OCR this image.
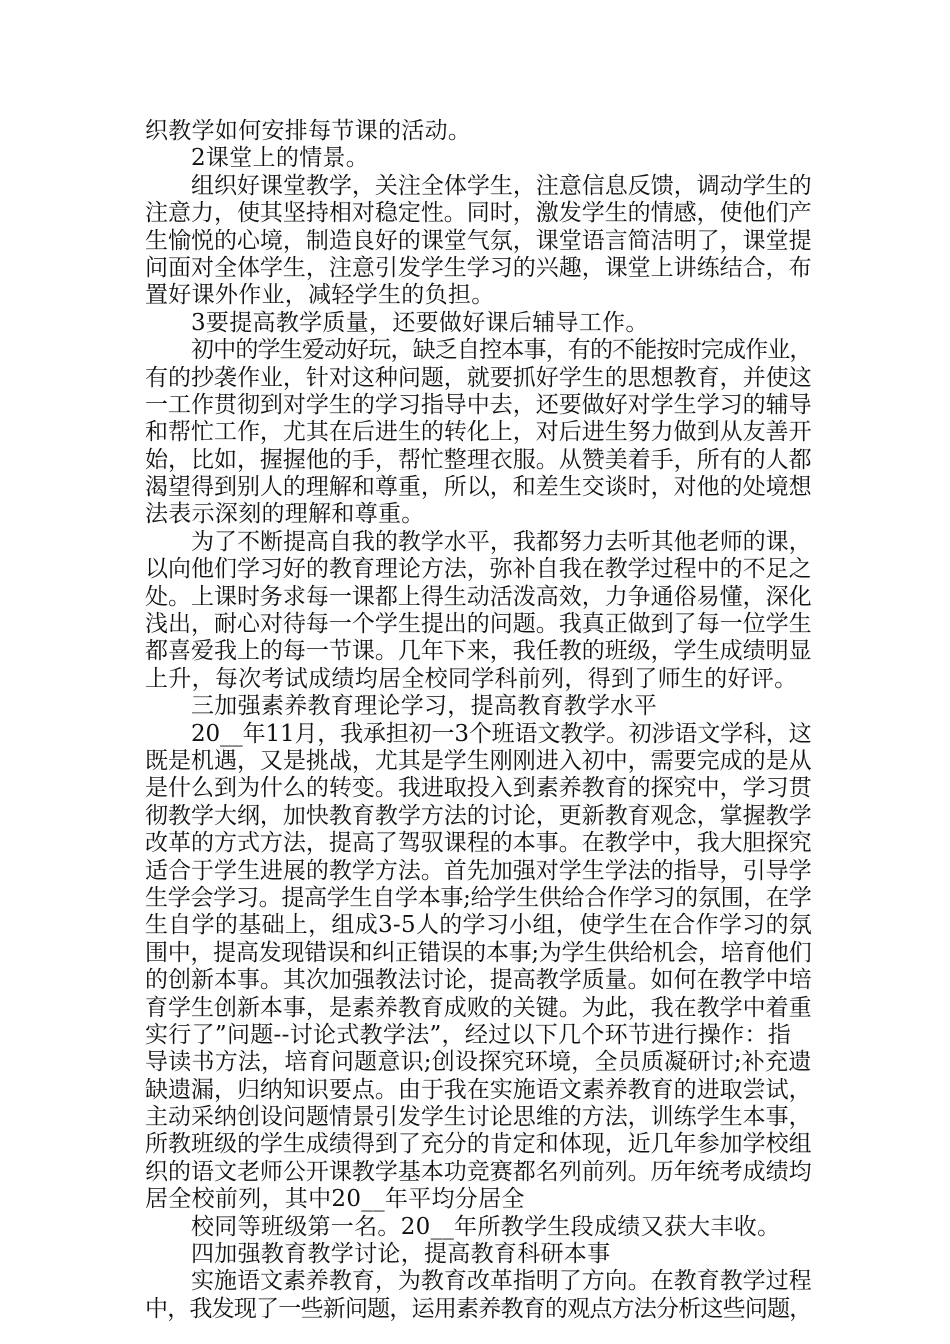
织教学如何安排每节课的活动。
2课堂上的情景。
组织好课堂教学，关注全体学生，注意信息反馈，调动学生的
注意力，使其坚持相对稳定性。同时，激发学生的情感，使他们产
生愉悦的心境，制造良好的课堂气氛，课堂语言简洁明了，课堂提
问面对全体学生，注意引发学生学习的兴趣，课堂上讲练结合，布
置好课外作业，减轻学生的负担。
3要提高教学质量，还要做好课后辅导工作。
初中的学生爱动好玩，缺乏自控本事，有的不能按时完成作业，
有的抄袭作业，针对这种问题，就要抓好学生的思想教育，并使这
一工作贯彻到对学生的学习指导中去，还要做好对学生学习的辅导
和帮忙工作，尤其在后进生的转化上，对后进生努力做到从友善开
始，比如，握握他的手，帮忙整理衣服。从赞美着手，所有的人都
渴望得到别人的理解和尊重，所以，和差生交谈时，对他的处境想
法表示深刻的理解和尊重。
为了不断提高自我的教学水平，我都努力去听其他老师的课，
以向他们学习好的教育理论方法，弥补自我在教学过程中的不足之
处。上课时务求每一课都上得生动活泼高效，力争通俗易懂，深化
浅出，耐心对待每一个学生提出的问题。我真正做到了每一位学生
都喜爱我上的每一节课。几年下来，我任教的班级，学生成绩明显
上升，每次考试成绩均居全校同学科前列，得到了师生的好评。
三加强素养教育理论学习，提高教育教学水平
20__年11月，我承担初一3个班语文教学。初涉语文学科，这
既是机遇，又是挑战，尤其是学生刚刚进入初中，需要完成的是从
是什么到为什么的转变。我进取投入到素养教育的探究中，学习贯
彻教学大纲，加快教育教学方法的讨论，更新教育观念，掌握教学
改革的方式方法，提高了驾驭课程的本事。在教学中，我大胆探究
适合于学生进展的教学方法。首先加强对学生学法的指导，引导学
生学会学习。提高学生自学本事;给学生供给合作学习的氛围，在学
生自学的基础上，组成3-5人的学习小组，使学生在合作学习的氛
围中，提高发现错误和纠正错误的本事;为学生供给机会，培育他们
的创新本事。其次加强教法讨论，提高教学质量。如何在教学中培
育学生创新本事，是素养教育成败的关键。为此，我在教学中着重
实行了”问题--讨论式教学法”，经过以下几个环节进行操作：指
导读书方法，培育问题意识;创设探究环境，全员质凝研讨;补充遗
缺遗漏，归纳知识要点。由于我在实施语文素养教育的进取尝试，
主动采纳创设问题情景引发学生讨论思维的方法，训练学生本事，
所教班级的学生成绩得到了充分的肯定和体现，近几年参加学校组
织的语文老师公开课教学基本功竞赛都名列前列。历年统考成绩均
居全校前列，其中20__年平均分居全
校同等班级第一名。20__年所教学生段成绩又获大丰收。
四加强教育教学讨论，提高教育科研本事
实施语文素养教育，为教育改革指明了方向。在教育教学过程
中，我发现了一些新问题，运用素养教育的观点方法分析这些问题，
